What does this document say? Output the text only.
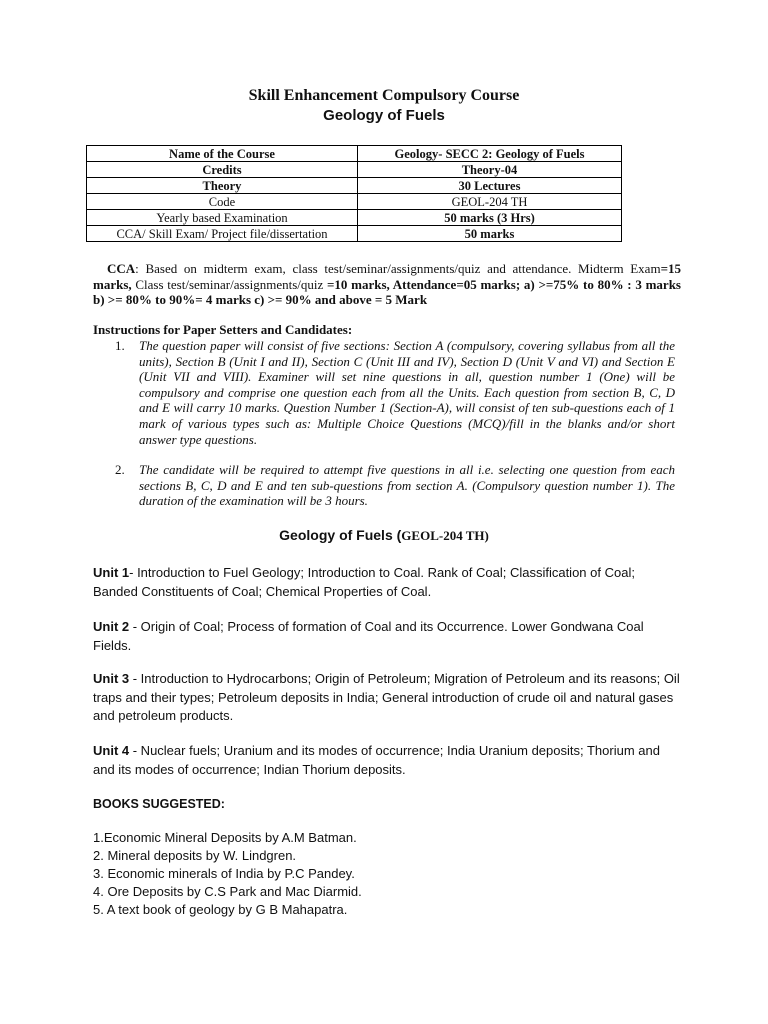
Skill Enhancement Compulsory Course
Geology of Fuels
Name of the Course	Geology- SECC 2: Geology of Fuels
Credits	Theory-04
Theory	30 Lectures
Code	GEOL-204 TH
Yearly based Examination	50 marks (3 Hrs)
CCA/ Skill Exam/ Project file/dissertation	50 marks
CCA: Based on midterm exam, class test/seminar/assignments/quiz and attendance. Midterm Exam=15 marks, Class test/seminar/assignments/quiz =10 marks, Attendance=05 marks; a) >=75% to 80% : 3 marks b) >= 80% to 90%= 4 marks c) >= 90% and above = 5 Mark
Instructions for Paper Setters and Candidates:
1. The question paper will consist of five sections: Section A (compulsory, covering syllabus from all the units), Section B (Unit I and II), Section C (Unit III and IV), Section D (Unit V and VI) and Section E (Unit VII and VIII). Examiner will set nine questions in all, question number 1 (One) will be compulsory and comprise one question each from all the Units. Each question from section B, C, D and E will carry 10 marks. Question Number 1 (Section-A), will consist of ten sub-questions each of 1 mark of various types such as: Multiple Choice Questions (MCQ)/fill in the blanks and/or short answer type questions.
2. The candidate will be required to attempt five questions in all i.e. selecting one question from each sections B, C, D and E and ten sub-questions from section A. (Compulsory question number 1). The duration of the examination will be 3 hours.
Geology of Fuels (GEOL-204 TH)
Unit 1- Introduction to Fuel Geology; Introduction to Coal. Rank of Coal; Classification of Coal; Banded Constituents of Coal; Chemical Properties of Coal.
Unit 2 - Origin of Coal; Process of formation of Coal and its Occurrence. Lower Gondwana Coal Fields.
Unit 3 - Introduction to Hydrocarbons; Origin of Petroleum; Migration of Petroleum and its reasons; Oil traps and their types; Petroleum deposits in India; General introduction of crude oil and natural gases and petroleum products.
Unit 4 - Nuclear fuels; Uranium and its modes of occurrence; India Uranium deposits; Thorium and and its modes of occurrence; Indian Thorium deposits.
BOOKS SUGGESTED:
1.Economic Mineral Deposits by A.M Batman.
2. Mineral deposits by W. Lindgren.
3. Economic minerals of India by P.C Pandey.
4. Ore Deposits by C.S Park and Mac Diarmid.
5. A text book of geology by G B Mahapatra.
